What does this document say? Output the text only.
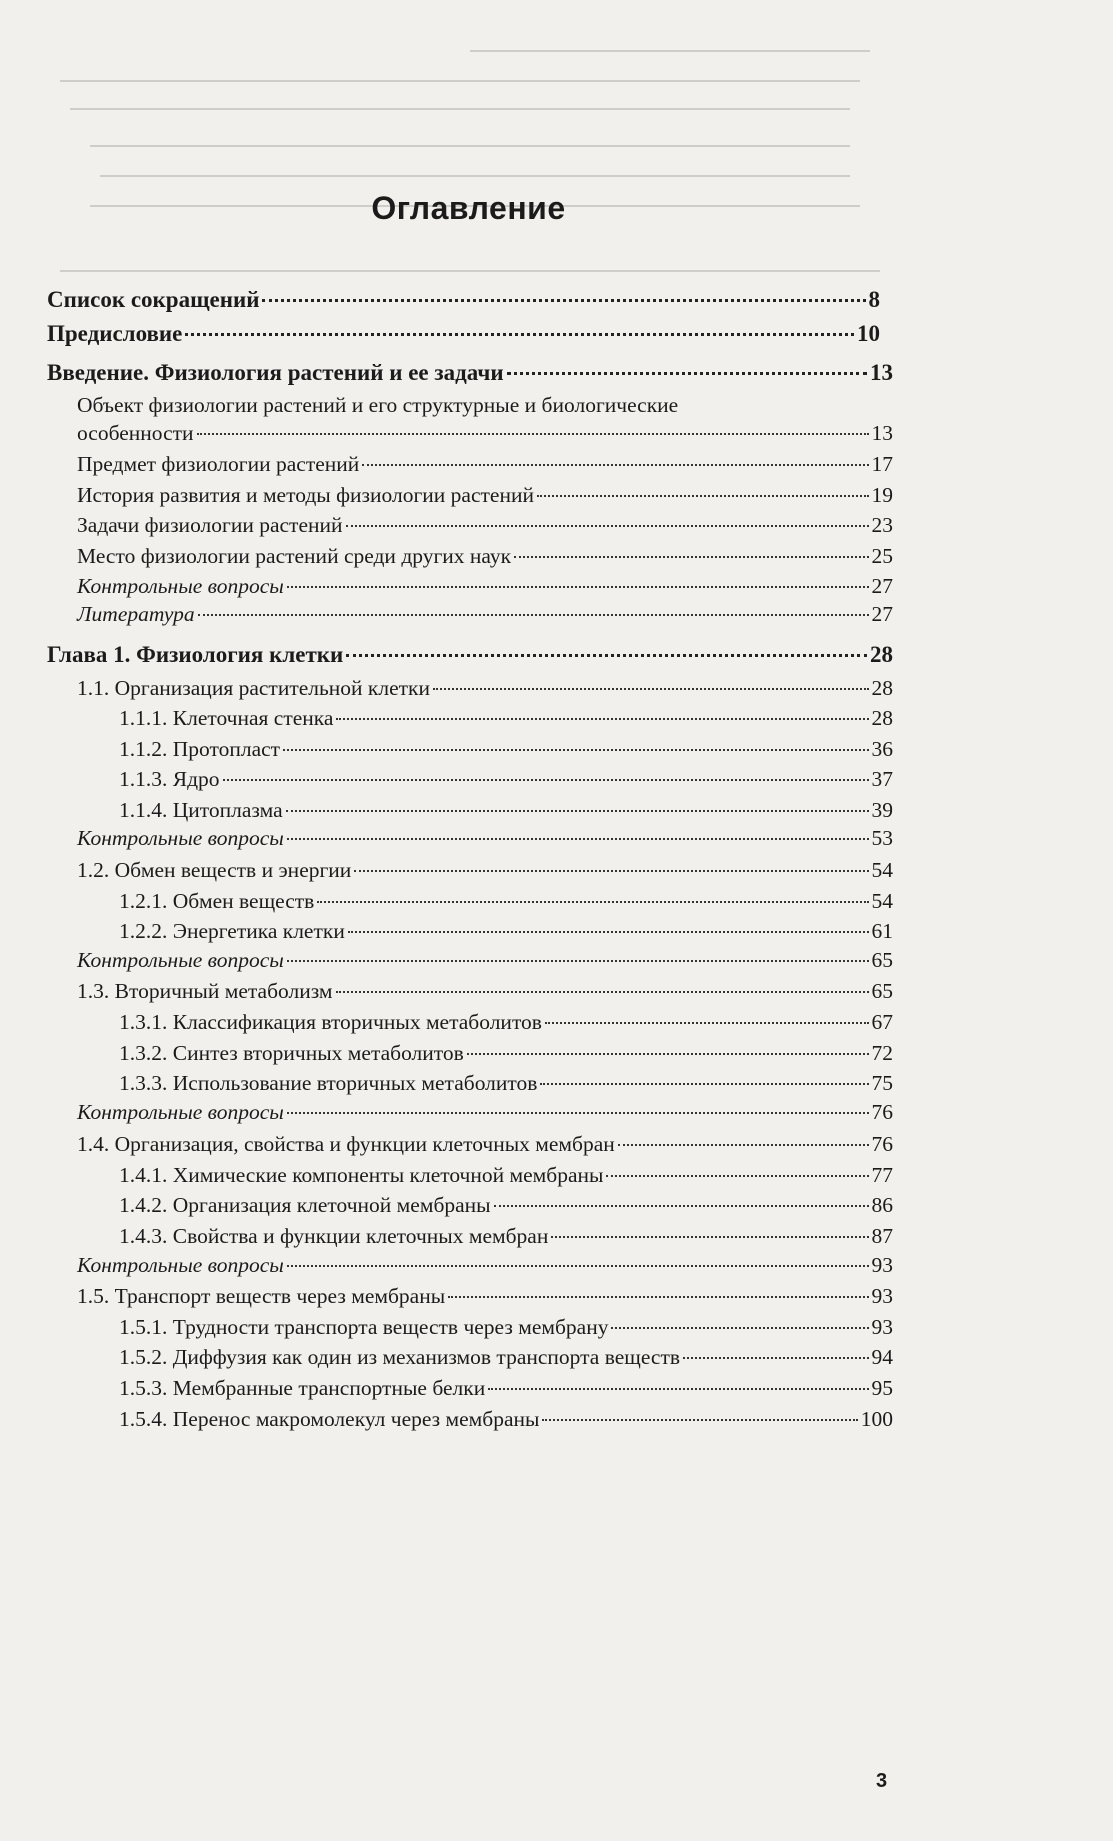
Оглавление
Список сокращений	8
Предисловие	10
Введение. Физиология растений и ее задачи	13
Объект физиологии растений и его структурные и биологические
особенности	13
Предмет физиологии растений	17
История развития и методы физиологии растений	19
Задачи физиологии растений	23
Место физиологии растений среди других наук	25
Контрольные вопросы	27
Литература	27
Глава 1. Физиология клетки	28
1.1. Организация растительной клетки	28
1.1.1. Клеточная стенка	28
1.1.2. Протопласт	36
1.1.3. Ядро	37
1.1.4. Цитоплазма	39
Контрольные вопросы	53
1.2. Обмен веществ и энергии	54
1.2.1. Обмен веществ	54
1.2.2. Энергетика клетки	61
Контрольные вопросы	65
1.3. Вторичный метаболизм	65
1.3.1. Классификация вторичных метаболитов	67
1.3.2. Синтез вторичных метаболитов	72
1.3.3. Использование вторичных метаболитов	75
Контрольные вопросы	76
1.4. Организация, свойства и функции клеточных мембран	76
1.4.1. Химические компоненты клеточной мембраны	77
1.4.2. Организация клеточной мембраны	86
1.4.3. Свойства и функции клеточных мембран	87
Контрольные вопросы	93
1.5. Транспорт веществ через мембраны	93
1.5.1. Трудности транспорта веществ через мембрану	93
1.5.2. Диффузия как один из механизмов транспорта веществ	94
1.5.3. Мембранные транспортные белки	95
1.5.4. Перенос макромолекул через мембраны	100
3
